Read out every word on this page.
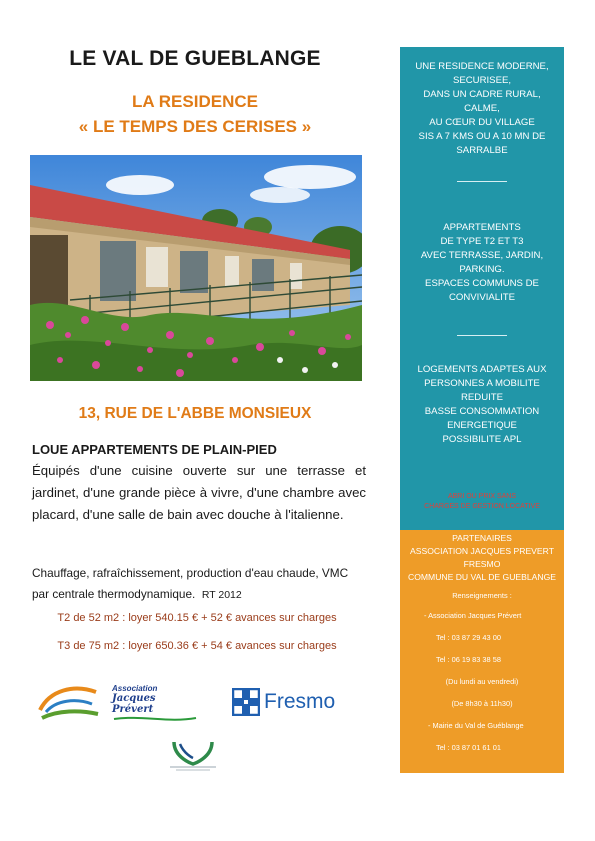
LE VAL DE GUEBLANGE
LA RESIDENCE
« LE TEMPS DES CERISES »
13, RUE DE L'ABBE MONSIEUX
LOUE APPARTEMENTS DE PLAIN-PIED
Équipés d'une cuisine ouverte sur une terrasse et jardinet, d'une grande pièce à vivre, d'une chambre avec placard, d'une salle de bain avec douche à l'italienne.
Chauffage, rafraîchissement, production d'eau chaude, VMC par centrale thermodynamique. RT 2012
T2 de 52 m2 : loyer 540.15 € + 52 € avances sur charges
T3 de 75 m2 : loyer 650.36 € + 54 € avances sur charges
Association
Jacques Prévert	Fresmo
UNE RESIDENCE MODERNE,
SECURISEE,
DANS UN CADRE RURAL,
CALME,
AU CŒUR DU VILLAGE
SIS A 7 KMS OU A 10 MN DE
SARRALBE
APPARTEMENTS
DE TYPE T2 ET T3
AVEC TERRASSE, JARDIN,
PARKING.
ESPACES COMMUNS DE
CONVIVIALITE
LOGEMENTS ADAPTES AUX
PERSONNES A MOBILITE
REDUITE
BASSE CONSOMMATION
ENERGETIQUE
POSSIBILITE APL
ABRI OU PRIX SANS
CHARGES DE GESTION LOCATIVE
PARTENAIRES
ASSOCIATION JACQUES PREVERT
FRESMO
COMMUNE DU VAL DE GUEBLANGE
Renseignements :
- Association Jacques Prévert
Tel : 03 87 29 43 00
Tel : 06 19 83 38 58
(Du lundi au vendredi)
(De 8h30 à 11h30)
- Mairie du Val de Guéblange
Tel : 03 87 01 61 01
